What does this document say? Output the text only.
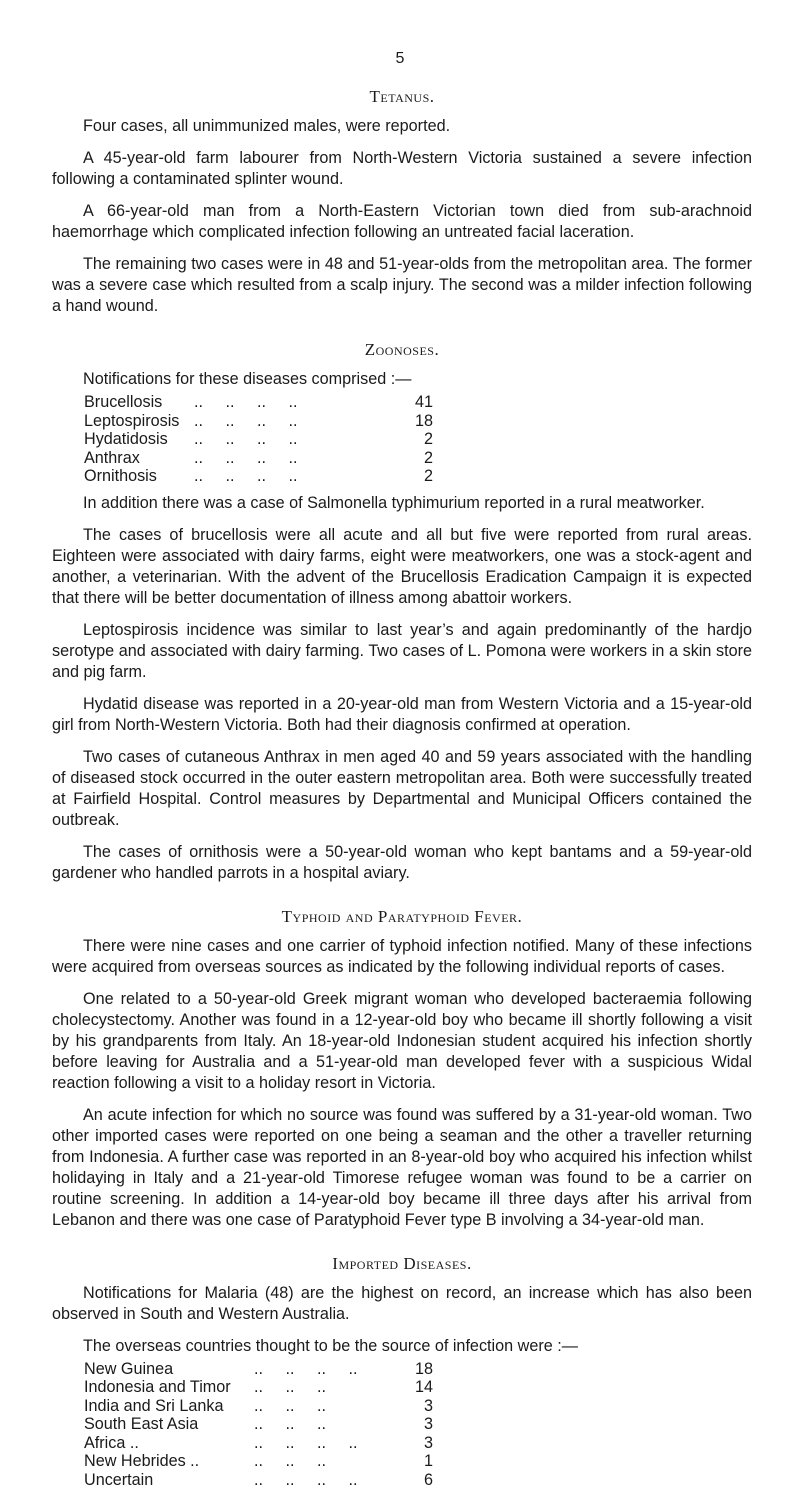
5
Tetanus.

Four cases, all unimmunized males, were reported.

A 45-year-old farm labourer from North-Western Victoria sustained a severe infection following a contaminated splinter wound.

A 66-year-old man from a North-Eastern Victorian town died from sub-arachnoid haemorrhage which complicated infection following an untreated facial laceration.

The remaining two cases were in 48 and 51-year-olds from the metropolitan area. The former was a severe case which resulted from a scalp injury. The second was a milder infection following a hand wound.

Zoonoses.

Notifications for these diseases comprised :—

Brucellosis	..     ..     ..     ..	41
Leptospirosis ..     ..     ..     ..	18
Hydatidosis	..     ..     ..     ..	2
Anthrax	..     ..     ..     ..	2
Ornithosis	..     ..     ..     ..	2

In addition there was a case of Salmonella typhimurium reported in a rural meatworker.

The cases of brucellosis were all acute and all but five were reported from rural areas. Eighteen were associated with dairy farms, eight were meatworkers, one was a stock-agent and another, a veterinarian. With the advent of the Brucellosis Eradication Campaign it is expected that there will be better documentation of illness among abattoir workers.

Leptospirosis incidence was similar to last year’s and again predominantly of the hardjo serotype and associated with dairy farming. Two cases of L. Pomona were workers in a skin store and pig farm.

Hydatid disease was reported in a 20-year-old man from Western Victoria and a 15-year-old girl from North-Western Victoria. Both had their diagnosis confirmed at operation.

Two cases of cutaneous Anthrax in men aged 40 and 59 years associated with the handling of diseased stock occurred in the outer eastern metropolitan area. Both were successfully treated at Fairfield Hospital. Control measures by Departmental and Municipal Officers contained the outbreak.

The cases of ornithosis were a 50-year-old woman who kept bantams and a 59-year-old gardener who handled parrots in a hospital aviary.

Typhoid and Paratyphoid Fever.

There were nine cases and one carrier of typhoid infection notified. Many of these infections were acquired from overseas sources as indicated by the following individual reports of cases.

One related to a 50-year-old Greek migrant woman who developed bacteraemia following cholecystectomy. Another was found in a 12-year-old boy who became ill shortly following a visit by his grandparents from Italy. An 18-year-old Indonesian student acquired his infection shortly before leaving for Australia and a 51-year-old man developed fever with a suspicious Widal reaction following a visit to a holiday resort in Victoria.

An acute infection for which no source was found was suffered by a 31-year-old woman. Two other imported cases were reported on one being a seaman and the other a traveller returning from Indonesia. A further case was reported in an 8-year-old boy who acquired his infection whilst holidaying in Italy and a 21-year-old Timorese refugee woman was found to be a carrier on routine screening. In addition a 14-year-old boy became ill three days after his arrival from Lebanon and there was one case of Paratyphoid Fever type B involving a 34-year-old man.

Imported Diseases.

Notifications for Malaria (48) are the highest on record, an increase which has also been observed in South and Western Australia.

The overseas countries thought to be the source of infection were :—

New Guinea	..     ..     ..     ..	18
Indonesia and Timor	..     ..     ..	14
India and Sri Lanka	..     ..     ..	3
South East Asia	..     ..     ..	3
Africa ..	..     ..     ..     ..	3
New Hebrides ..	..     ..     ..	1
Uncertain	..     ..     ..     ..	6
